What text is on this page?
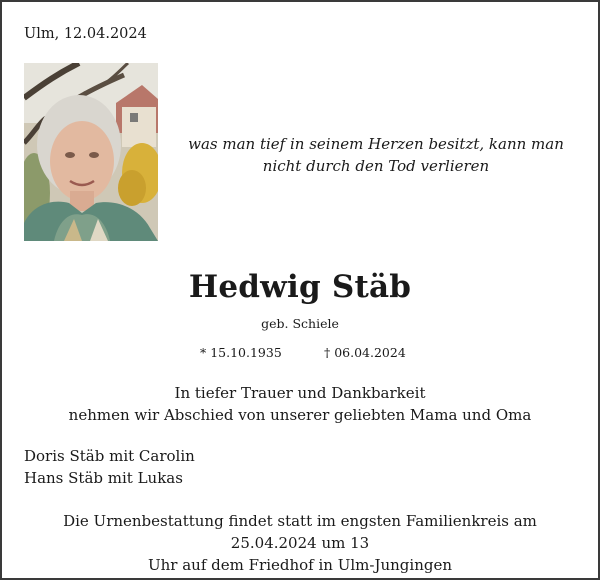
Ulm, 12.04.2024
was man tief in seinem Herzen besitzt, kann man
nicht durch den Tod verlieren
Hedwig Stäb
geb. Schiele
* 15.10.1935	† 06.04.2024
In tiefer Trauer und Dankbarkeit
nehmen wir Abschied von unserer geliebten Mama und Oma
Doris Stäb mit Carolin
Hans Stäb mit Lukas
Die Urnenbestattung findet statt im engsten Familienkreis am 25.04.2024 um 13
Uhr auf dem Friedhof in Ulm-Jungingen
